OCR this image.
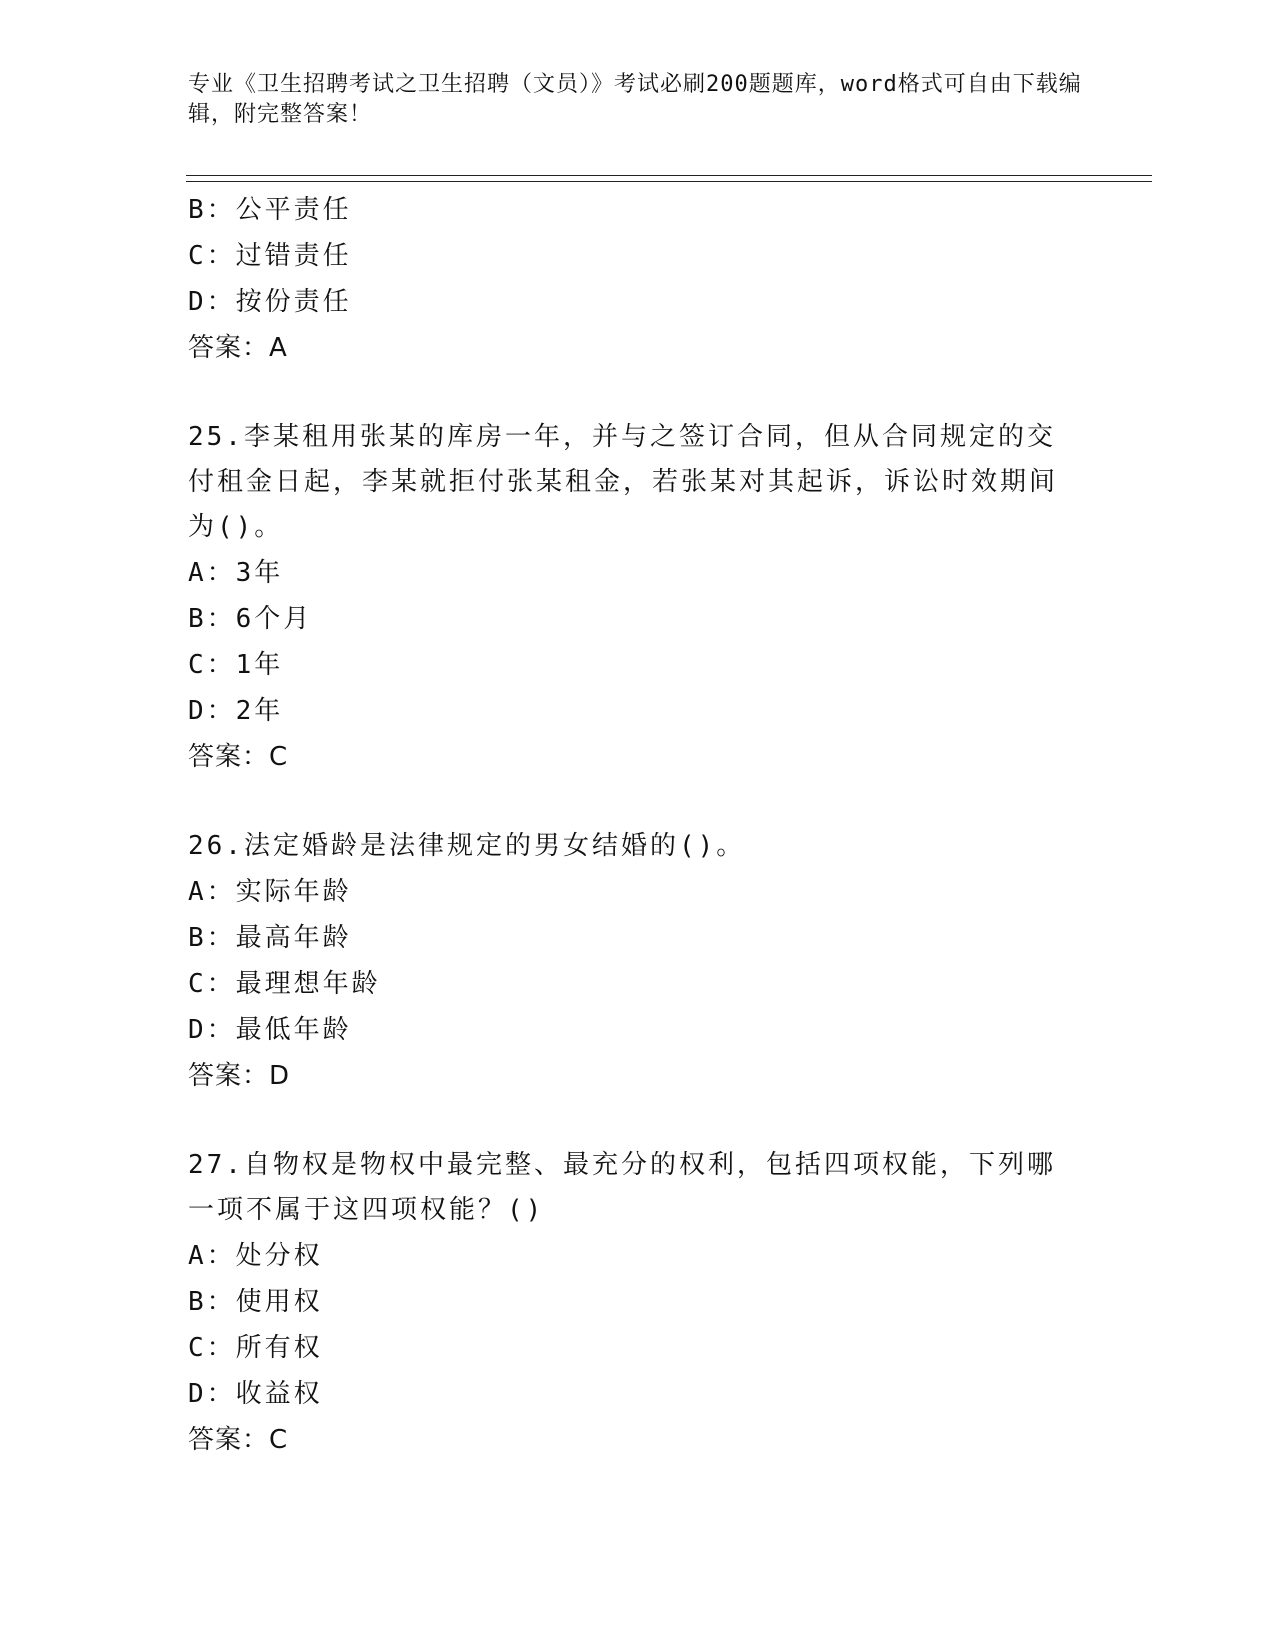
专业《卫生招聘考试之卫生招聘（文员）》考试必刷200题题库，word格式可自由下载编辑，附完整答案！
B：公平责任
C：过错责任
D：按份责任
答案：A
25.李某租用张某的库房一年，并与之签订合同，但从合同规定的交付租金日起，李某就拒付张某租金，若张某对其起诉，诉讼时效期间为()。
A：3年
B：6个月
C：1年
D：2年
答案：C
26.法定婚龄是法律规定的男女结婚的()。
A：实际年龄
B：最高年龄
C：最理想年龄
D：最低年龄
答案：D
27.自物权是物权中最完整、最充分的权利，包括四项权能，下列哪一项不属于这四项权能？()
A：处分权
B：使用权
C：所有权
D：收益权
答案：C
